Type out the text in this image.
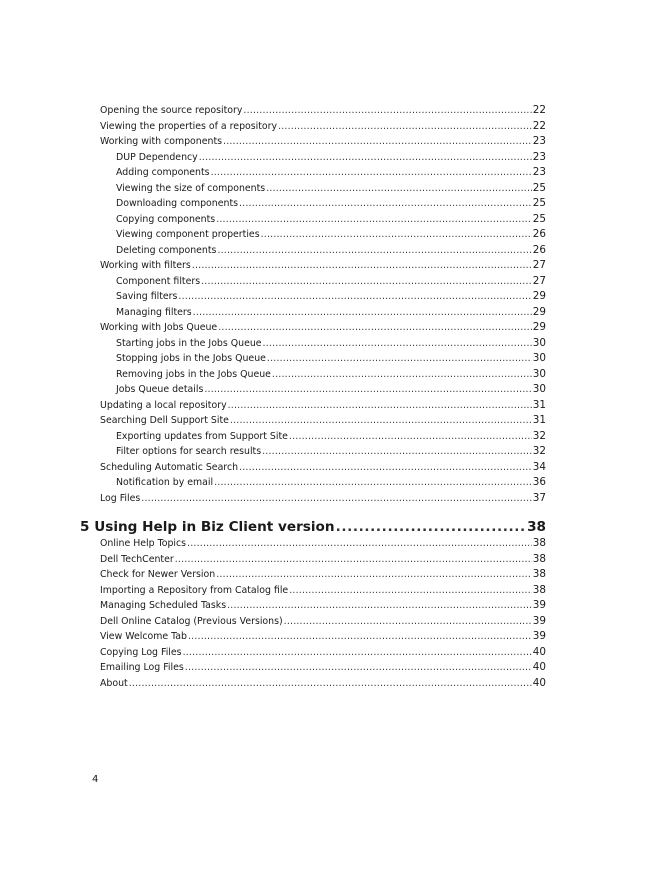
Opening the source repository .....	22
Viewing the properties of a repository .....	22
Working with components .....	23
DUP Dependency .....	23
Adding components .....	23
Viewing the size of components .....	25
Downloading components .....	25
Copying components .....	25
Viewing component properties .....	26
Deleting components .....	26
Working with filters .....	27
Component filters .....	27
Saving filters .....	29
Managing filters .....	29
Working with Jobs Queue .....	29
Starting jobs in the Jobs Queue .....	30
Stopping jobs in the Jobs Queue .....	30
Removing jobs in the Jobs Queue .....	30
Jobs Queue details .....	30
Updating a local repository .....	31
Searching Dell Support Site .....	31
Exporting updates from Support Site .....	32
Filter options for search results .....	32
Scheduling Automatic Search .....	34
Notification by email .....	36
Log Files .....	37
5 Using Help in Biz Client version .....	38
Online Help Topics .....	38
Dell TechCenter .....	38
Check for Newer Version .....	38
Importing a Repository from Catalog file .....	38
Managing Scheduled Tasks .....	39
Dell Online Catalog (Previous Versions) .....	39
View Welcome Tab .....	39
Copying Log Files .....	40
Emailing Log Files .....	40
About .....	40
4
